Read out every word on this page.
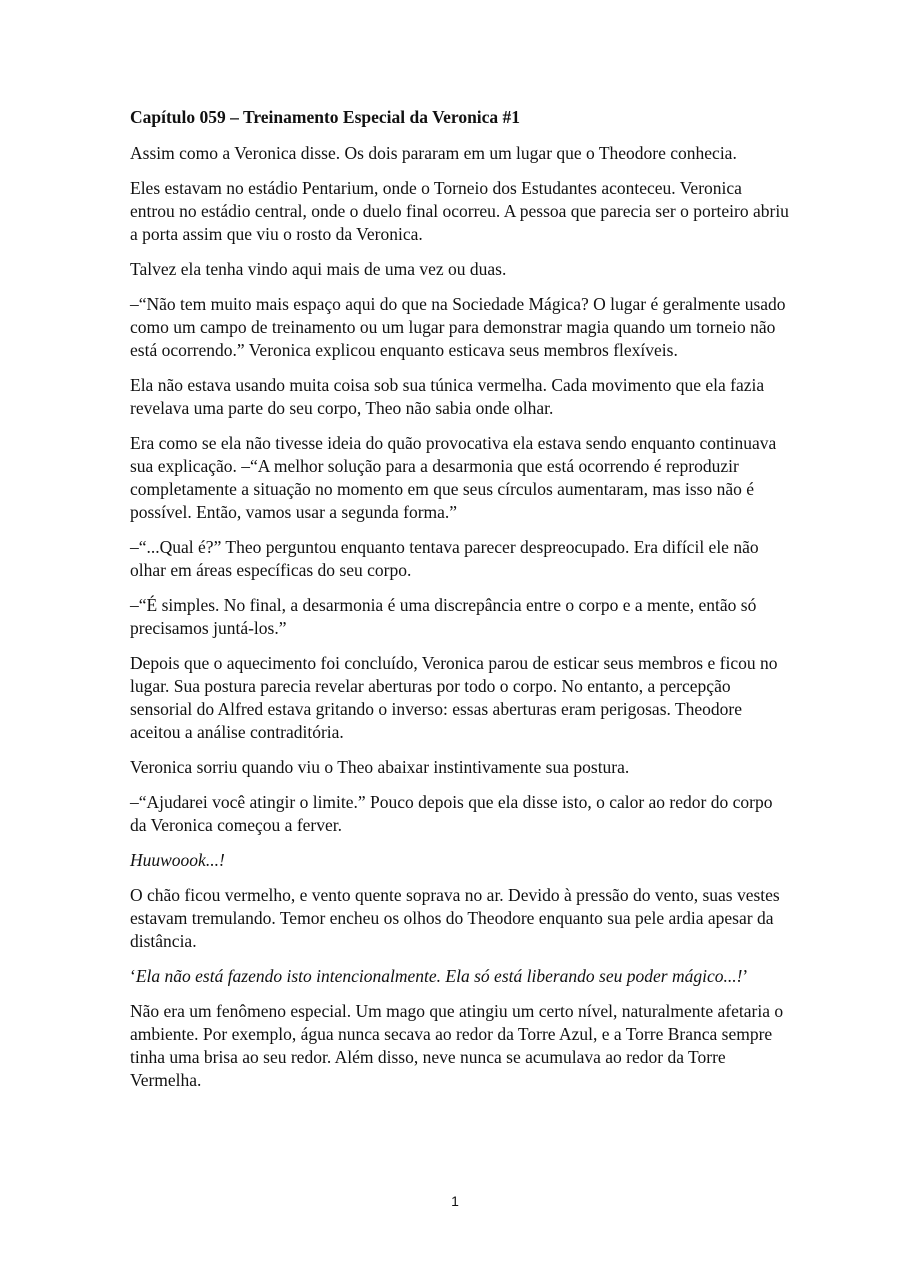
Capítulo 059 – Treinamento Especial da Veronica #1

Assim como a Veronica disse. Os dois pararam em um lugar que o Theodore conhecia.

Eles estavam no estádio Pentarium, onde o Torneio dos Estudantes aconteceu. Veronica entrou no estádio central, onde o duelo final ocorreu. A pessoa que parecia ser o porteiro abriu a porta assim que viu o rosto da Veronica.

Talvez ela tenha vindo aqui mais de uma vez ou duas.

–“Não tem muito mais espaço aqui do que na Sociedade Mágica? O lugar é geralmente usado como um campo de treinamento ou um lugar para demonstrar magia quando um torneio não está ocorrendo.” Veronica explicou enquanto esticava seus membros flexíveis.

Ela não estava usando muita coisa sob sua túnica vermelha. Cada movimento que ela fazia revelava uma parte do seu corpo, Theo não sabia onde olhar.

Era como se ela não tivesse ideia do quão provocativa ela estava sendo enquanto continuava sua explicação. –“A melhor solução para a desarmonia que está ocorrendo é reproduzir completamente a situação no momento em que seus círculos aumentaram, mas isso não é possível. Então, vamos usar a segunda forma.”

–“...Qual é?” Theo perguntou enquanto tentava parecer despreocupado. Era difícil ele não olhar em áreas específicas do seu corpo.

–“É simples. No final, a desarmonia é uma discrepância entre o corpo e a mente, então só precisamos juntá-los.”

Depois que o aquecimento foi concluído, Veronica parou de esticar seus membros e ficou no lugar. Sua postura parecia revelar aberturas por todo o corpo. No entanto, a percepção sensorial do Alfred estava gritando o inverso: essas aberturas eram perigosas. Theodore aceitou a análise contraditória.

Veronica sorriu quando viu o Theo abaixar instintivamente sua postura.

–“Ajudarei você atingir o limite.” Pouco depois que ela disse isto, o calor ao redor do corpo da Veronica começou a ferver.

Huuwoook...!

O chão ficou vermelho, e vento quente soprava no ar. Devido à pressão do vento, suas vestes estavam tremulando. Temor encheu os olhos do Theodore enquanto sua pele ardia apesar da distância.

‘Ela não está fazendo isto intencionalmente. Ela só está liberando seu poder mágico...!’

Não era um fenômeno especial. Um mago que atingiu um certo nível, naturalmente afetaria o ambiente. Por exemplo, água nunca secava ao redor da Torre Azul, e a Torre Branca sempre tinha uma brisa ao seu redor. Além disso, neve nunca se acumulava ao redor da Torre Vermelha.

1
